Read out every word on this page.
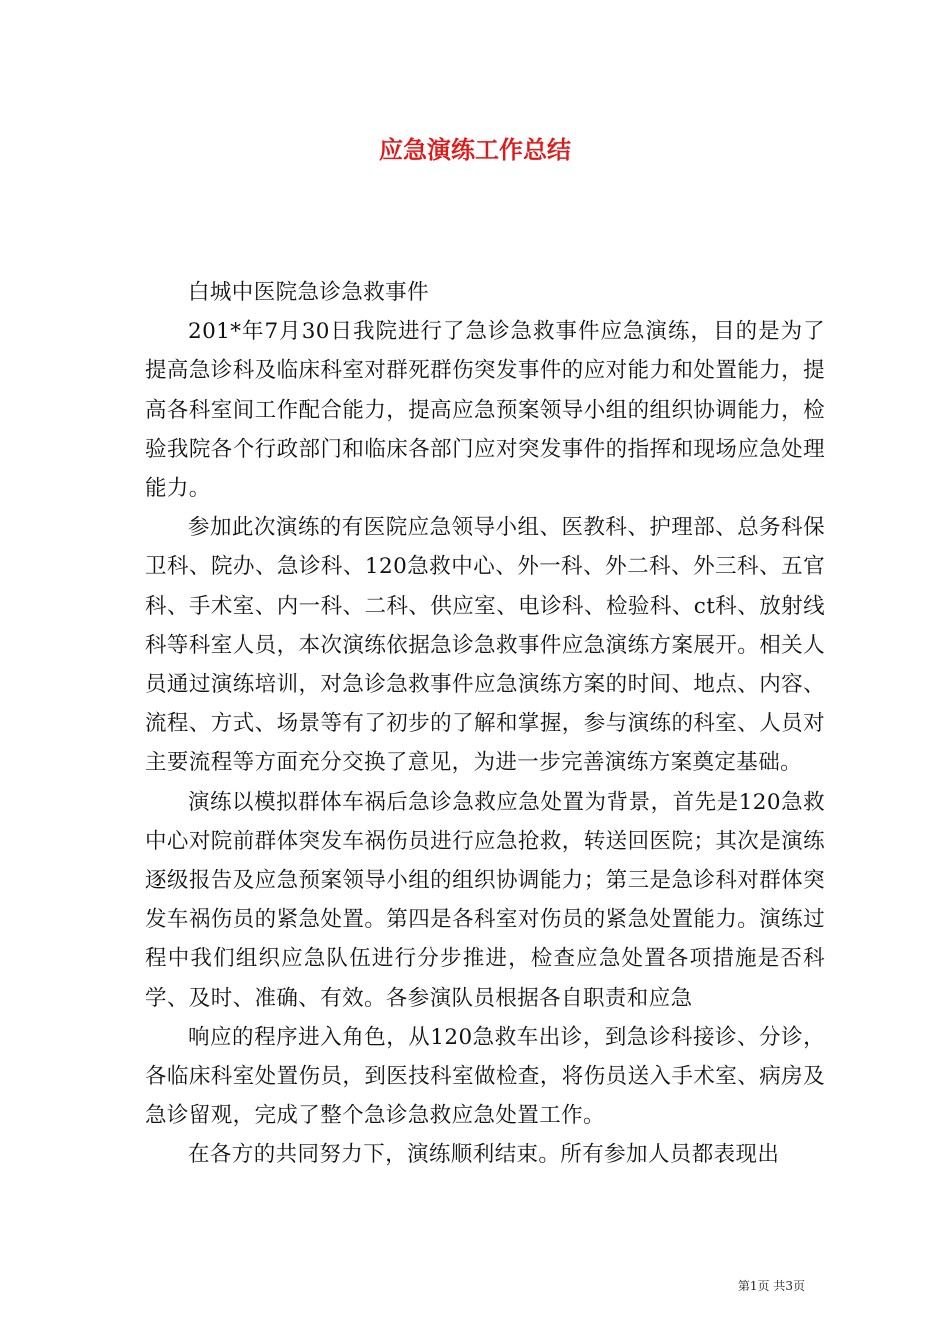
应急演练工作总结

白城中医院急诊急救事件

201*年7月30日我院进行了急诊急救事件应急演练，目的是为了提高急诊科及临床科室对群死群伤突发事件的应对能力和处置能力，提高各科室间工作配合能力，提高应急预案领导小组的组织协调能力，检验我院各个行政部门和临床各部门应对突发事件的指挥和现场应急处理能力。

参加此次演练的有医院应急领导小组、医教科、护理部、总务科保卫科、院办、急诊科、120急救中心、外一科、外二科、外三科、五官科、手术室、内一科、二科、供应室、电诊科、检验科、ct科、放射线科等科室人员，本次演练依据急诊急救事件应急演练方案展开。相关人员通过演练培训，对急诊急救事件应急演练方案的时间、地点、内容、流程、方式、场景等有了初步的了解和掌握，参与演练的科室、人员对主要流程等方面充分交换了意见，为进一步完善演练方案奠定基础。

演练以模拟群体车祸后急诊急救应急处置为背景，首先是120急救中心对院前群体突发车祸伤员进行应急抢救，转送回医院；其次是演练逐级报告及应急预案领导小组的组织协调能力；第三是急诊科对群体突发车祸伤员的紧急处置。第四是各科室对伤员的紧急处置能力。演练过程中我们组织应急队伍进行分步推进，检查应急处置各项措施是否科学、及时、准确、有效。各参演队员根据各自职责和应急

响应的程序进入角色，从120急救车出诊，到急诊科接诊、分诊，各临床科室处置伤员，到医技科室做检查，将伤员送入手术室、病房及急诊留观，完成了整个急诊急救应急处置工作。

在各方的共同努力下，演练顺利结束。所有参加人员都表现出

第1页 共3页
